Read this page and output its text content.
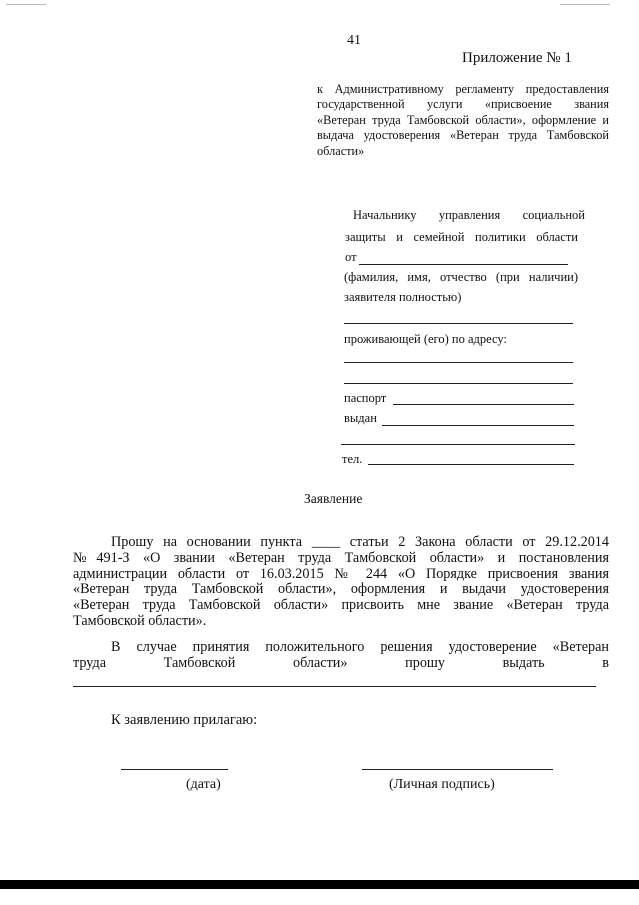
41
Приложение № 1
к Административному регламенту предоставления
государственной услуги «присвоение звания
«Ветеран труда Тамбовской области», оформление и
выдача удостоверения «Ветеран труда Тамбовской
области»
Начальнику управления социальной
защиты и семейной политики области
от
(фамилия, имя, отчество (при наличии)
заявителя полностью)
проживающей (его) по адресу:
паспорт
выдан
тел.
Заявление
Прошу на основании пункта ____ статьи 2 Закона области от 29.12.2014
№491-З «О звании «Ветеран труда Тамбовской области» и постановления
администрации области от 16.03.2015 № 244 «О Порядке присвоения звания
«Ветеран труда Тамбовской области», оформления и выдачи удостоверения
«Ветеран труда Тамбовской области» присвоить мне звание «Ветеран труда
Тамбовской области».
В случае принятия положительного решения удостоверение «Ветеран
труда Тамбовской области» прошу выдать в
К заявлению прилагаю:
(дата)	(Личная подпись)
